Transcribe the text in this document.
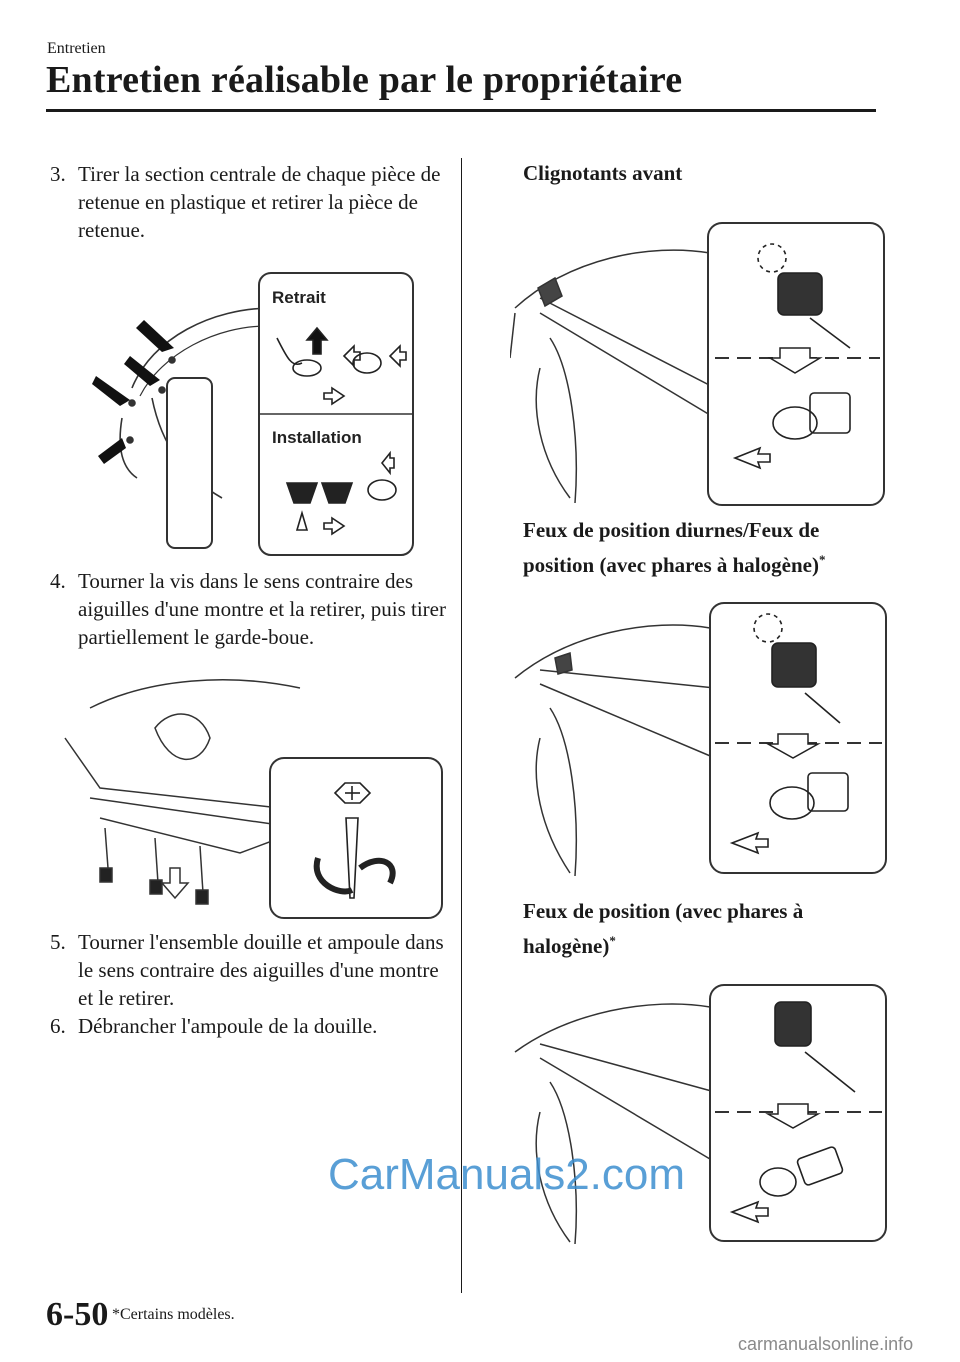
Entretien
Entretien réalisable par le propriétaire
3. Tirer la section centrale de chaque pièce de retenue en plastique et retirer la pièce de retenue.
Retrait
Installation
4. Tourner la vis dans le sens contraire des aiguilles d'une montre et la retirer, puis tirer partiellement le garde-boue.
5. Tourner l'ensemble douille et ampoule dans le sens contraire des aiguilles d'une montre et le retirer.
6. Débrancher l'ampoule de la douille.
Clignotants avant
Feux de position diurnes/Feux de position (avec phares à halogène)*
Feux de position (avec phares à halogène)*
6-50 *Certains modèles.
CarManuals2.com
carmanualsonline.info
